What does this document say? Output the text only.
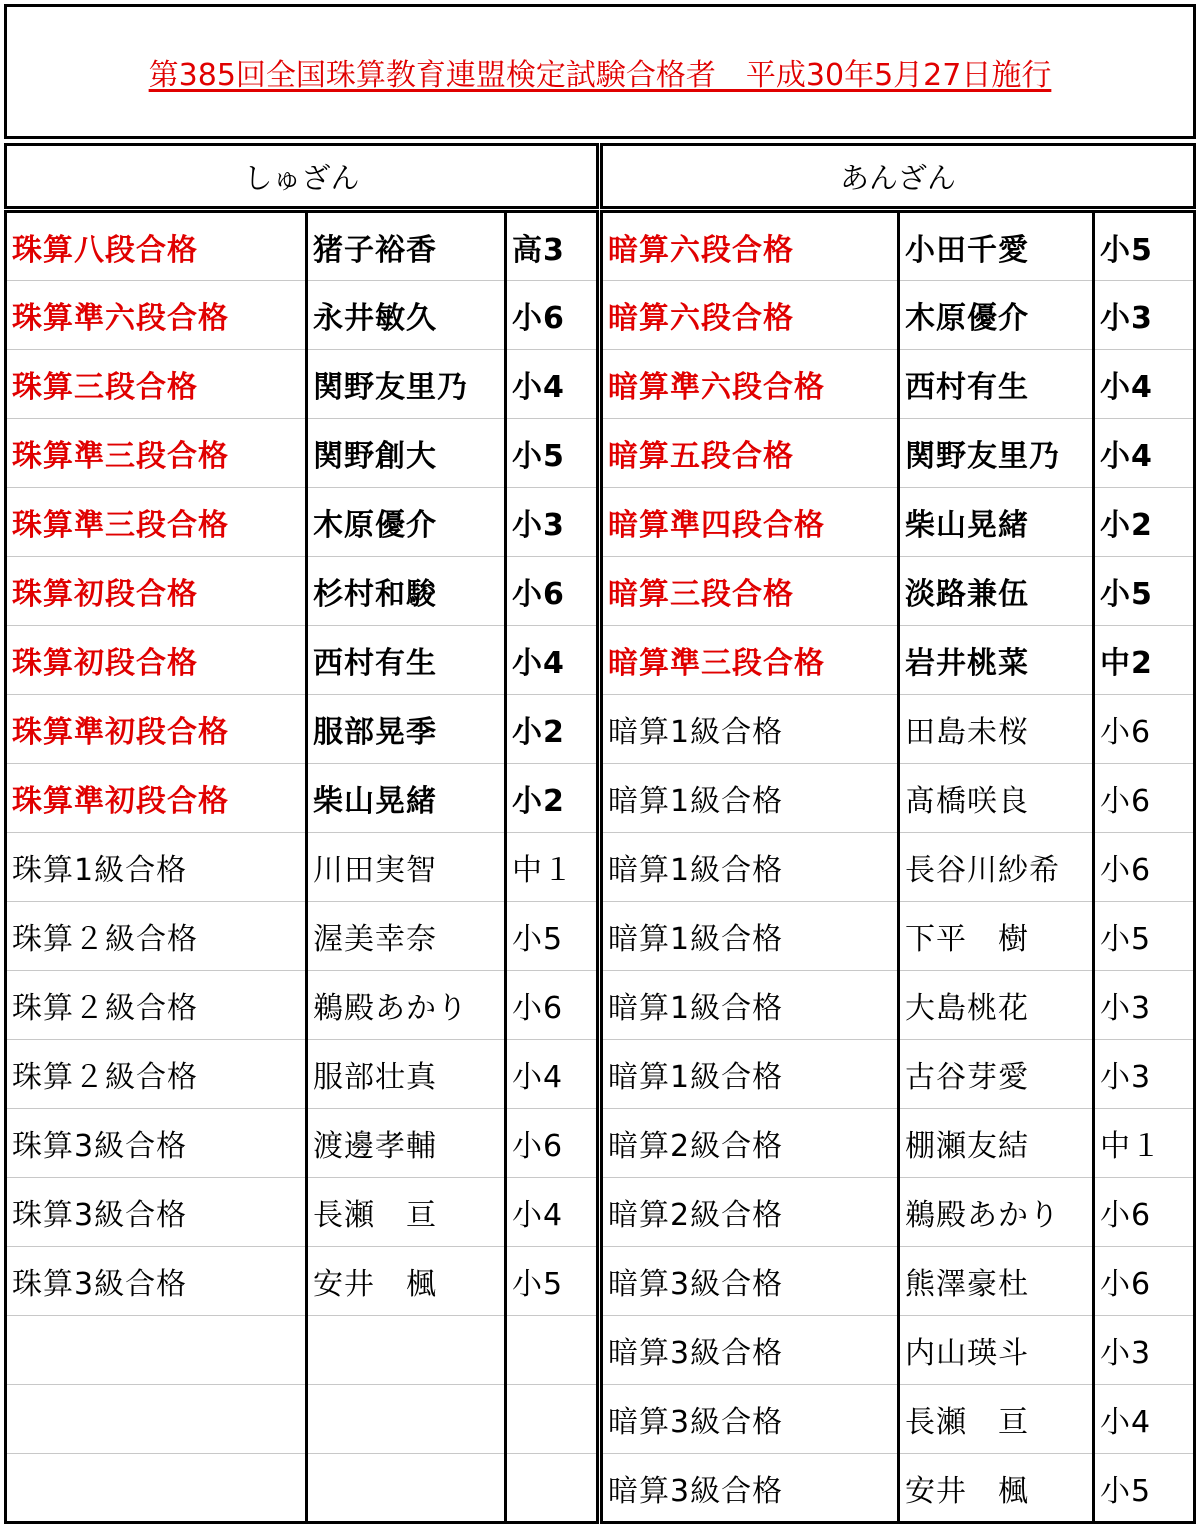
第385回全国珠算教育連盟検定試験合格者　平成30年5月27日施行
しゅざん	あんざん
珠算八段合格	猪子裕香	高3
珠算準六段合格	永井敏久	小6
珠算三段合格	関野友里乃	小4
珠算準三段合格	関野創大	小5
珠算準三段合格	木原優介	小3
珠算初段合格	杉村和駿	小6
珠算初段合格	西村有生	小4
珠算準初段合格	服部晃季	小2
珠算準初段合格	柴山晃緒	小2
珠算1級合格	川田実智	中１
珠算２級合格	渥美幸奈	小5
珠算２級合格	鵜殿あかり	小6
珠算２級合格	服部壮真	小4
珠算3級合格	渡邊孝輔	小6
珠算3級合格	長瀬　亘	小4
珠算3級合格	安井　楓	小5

暗算六段合格	小田千愛	小5
暗算六段合格	木原優介	小3
暗算準六段合格	西村有生	小4
暗算五段合格	関野友里乃	小4
暗算準四段合格	柴山晃緒	小2
暗算三段合格	淡路兼伍	小5
暗算準三段合格	岩井桃菜	中2
暗算1級合格	田島未桜	小6
暗算1級合格	髙橋咲良	小6
暗算1級合格	長谷川紗希	小6
暗算1級合格	下平　樹	小5
暗算1級合格	大島桃花	小3
暗算1級合格	古谷芽愛	小3
暗算2級合格	棚瀬友結	中１
暗算2級合格	鵜殿あかり	小6
暗算3級合格	熊澤豪杜	小6
暗算3級合格	内山瑛斗	小3
暗算3級合格	長瀬　亘	小4
暗算3級合格	安井　楓	小5
